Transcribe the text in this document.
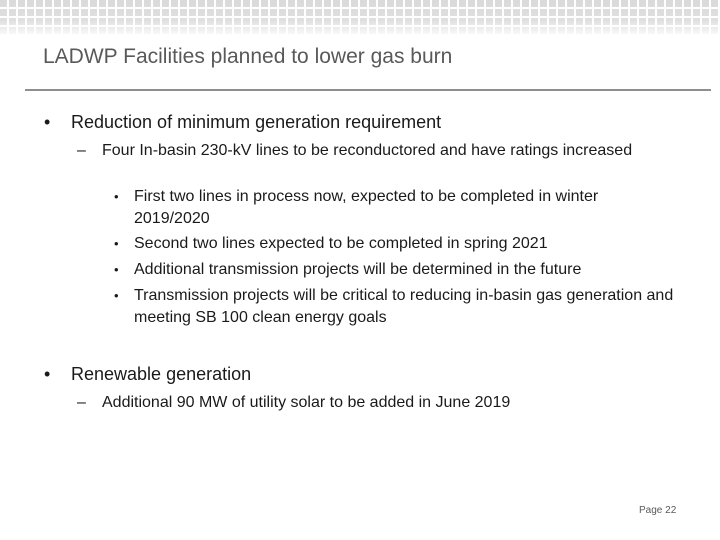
LADWP Facilities planned to lower gas burn
• Reduction of minimum generation requirement
– Four In-basin 230-kV lines to be reconductored and have ratings increased
• First two lines in process now, expected to be completed in winter 2019/2020
• Second two lines expected to be completed in spring 2021
• Additional transmission projects will be determined in the future
• Transmission projects will be critical to reducing in-basin gas generation and meeting SB 100 clean energy goals
• Renewable generation
– Additional 90 MW of utility solar to be added in June 2019
Page 22
